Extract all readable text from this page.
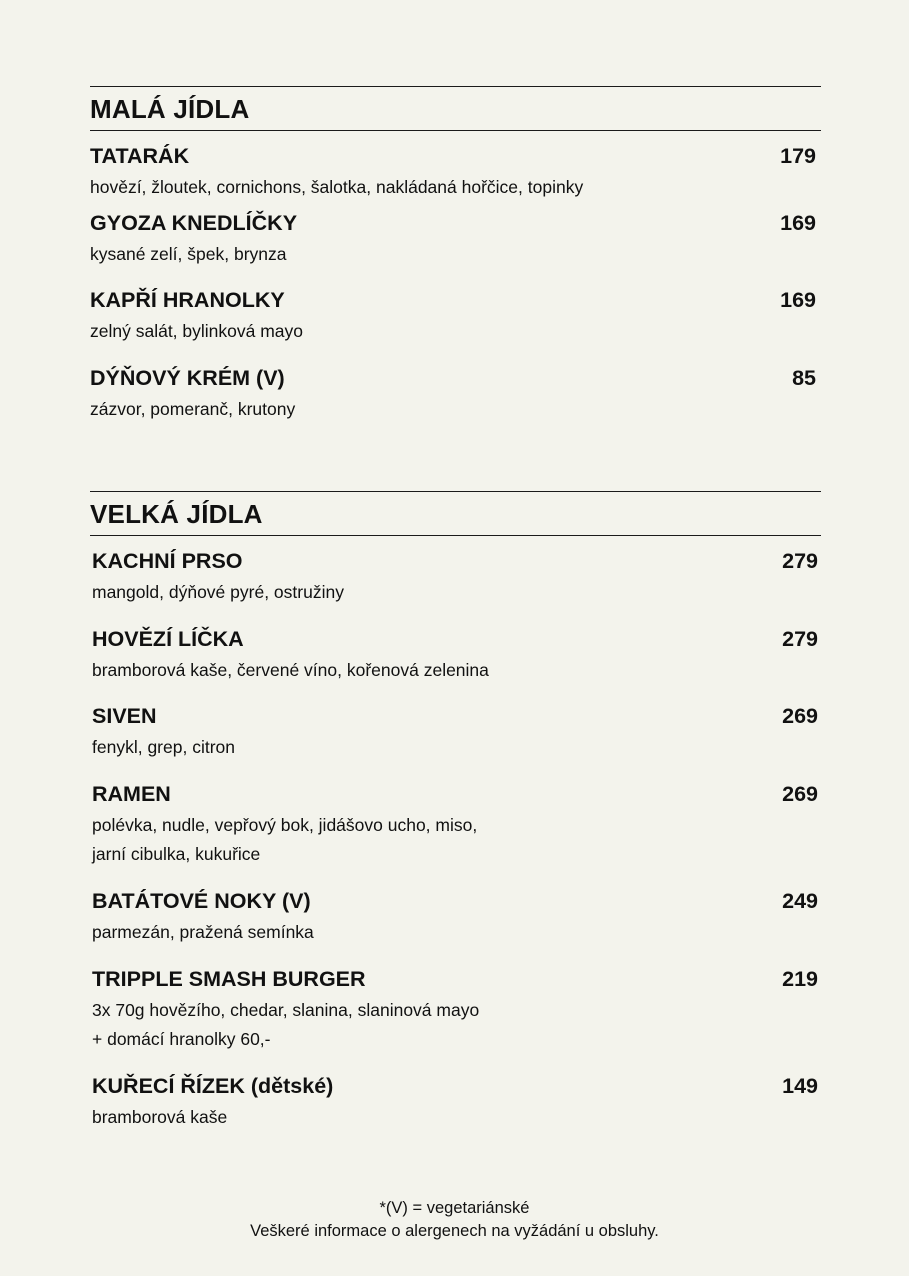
MALÁ JÍDLA
TATARÁK	179
hovězí, žloutek, cornichons, šalotka, nakládaná hořčice, topinky
GYOZA KNEDLÍČKY	169
kysané zelí, špek, brynza
KAPŘÍ HRANOLKY	169
zelný salát, bylinková mayo
DÝŇOVÝ KRÉM (V)	85
zázvor, pomeranč, krutony
VELKÁ JÍDLA
KACHNÍ PRSO	279
mangold, dýňové pyré, ostružiny
HOVĚZÍ LÍČKA	279
bramborová kaše, červené víno, kořenová zelenina
SIVEN	269
fenykl, grep, citron
RAMEN	269
polévka, nudle, vepřový bok, jidášovo ucho, miso,
jarní cibulka, kukuřice
BATÁTOVÉ NOKY (V)	249
parmezán, pražená semínka
TRIPPLE SMASH BURGER	219
3x 70g hovězího, chedar, slanina, slaninová mayo
+ domácí hranolky 60,-
KUŘECÍ ŘÍZEK (dětské)	149
bramborová kaše
*(V) = vegetariánské
Veškeré informace o alergenech na vyžádání u obsluhy.
